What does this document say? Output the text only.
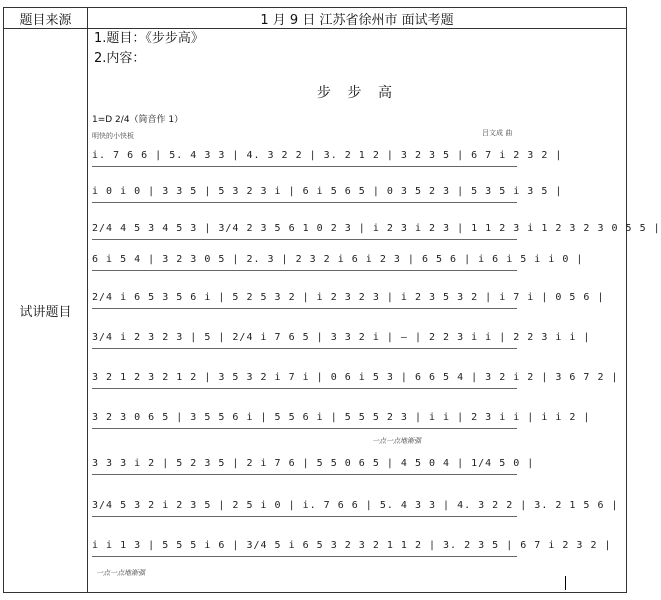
题目来源	1 月 9 日 江苏省徐州市 面试考题
试讲题目	1.题目：《步步高》
2.内容：
步 步 高
1=D 2/4（筒音作 1）
明快的小快板	吕文成 曲
i. 7 6 6 | 5. 4 3 3 | 4. 3 2 2 | 3. 2 1 2 | 3 2 3 5 | 6 7 i 2 3 2 |
i 0 i 0 | 3 3 5 | 5 3 2 3 i | 6 i 5 6 5 | 0 3 5 2 3 | 5 3 5 i 3 5 |
2/4 4 5 3 4 5 3 | 3/4 2 3 5 6 1 0 2 3 | i 2 3 i 2 3 | 1 1 2 3 i 1 2 3 2 3 0 5 5 |
6 i 5 4 | 3 2 3 0 5 | 2. 3 | 2 3 2 i 6 i 2 3 | 6 5 6 | i 6 i 5 i i 0 |
2/4 i 6 5 3 5 6 i | 5 2 5 3 2 | i 2 3 2 3 | i 2 3 5 3 2 | i 7 i | 0 5 6 |
3/4 i 2 3 2 3 | 5 | 2/4 i 7 6 5 | 3 3 2 i | — | 2 2 3 i i | 2 2 3 i i |
3 2 1 2 3 2 1 2 | 3 5 3 2 i 7 i | 0 6 i 5 3 | 6 6 5 4 | 3 2 i 2 | 3 6 7 2 |
3 2 3 0 6 5 | 3 5 5 6 i | 5 5 6 i | 5 5 5 2 3 | i i | 2 3 i i | i i 2 |
3 3 3 i 2 | 5 2 3 5 | 2 i 7 6 | 5 5 0 6 5 | 4 5 0 4 | 1/4 5 0 |
3/4 5 3 2 i 2 3 5 | 2 5 i 0 | i. 7 6 6 | 5. 4 3 3 | 4. 3 2 2 | 3. 2 1 5 6 |
i i 1 3 | 5 5 5 i 6 | 3/4 5 i 6 5 3 2 3 2 1 1 2 | 3. 2 3 5 | 6 7 i 2 3 2 |
一点一点地渐强
一点一点地渐强
